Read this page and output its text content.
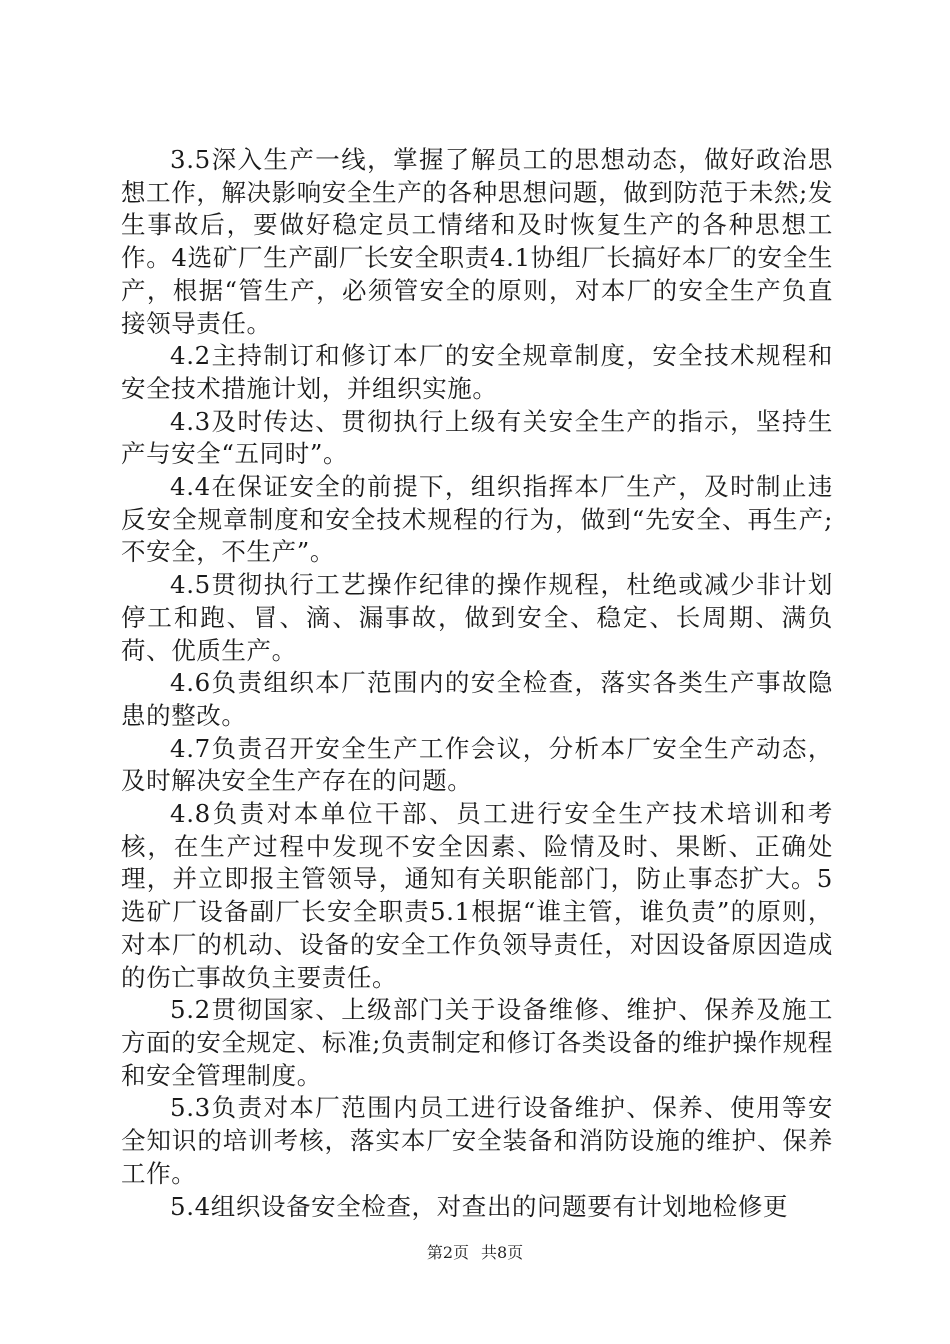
3.5深入生产一线，掌握了解员工的思想动态，做好政治思想工作，解决影响安全生产的各种思想问题，做到防范于未然;发生事故后，要做好稳定员工情绪和及时恢复生产的各种思想工作。4选矿厂生产副厂长安全职责4.1协组厂长搞好本厂的安全生产，根据“管生产，必须管安全的原则，对本厂的安全生产负直接领导责任。

4.2主持制订和修订本厂的安全规章制度，安全技术规程和安全技术措施计划，并组织实施。

4.3及时传达、贯彻执行上级有关安全生产的指示，坚持生产与安全“五同时”。

4.4在保证安全的前提下，组织指挥本厂生产，及时制止违反安全规章制度和安全技术规程的行为，做到“先安全、再生产;不安全，不生产”。

4.5贯彻执行工艺操作纪律的操作规程，杜绝或减少非计划停工和跑、冒、滴、漏事故，做到安全、稳定、长周期、满负荷、优质生产。

4.6负责组织本厂范围内的安全检查，落实各类生产事故隐患的整改。

4.7负责召开安全生产工作会议，分析本厂安全生产动态，及时解决安全生产存在的问题。

4.8负责对本单位干部、员工进行安全生产技术培训和考核，在生产过程中发现不安全因素、险情及时、果断、正确处理，并立即报主管领导，通知有关职能部门，防止事态扩大。5选矿厂设备副厂长安全职责5.1根据“谁主管，谁负责”的原则，对本厂的机动、设备的安全工作负领导责任，对因设备原因造成的伤亡事故负主要责任。

5.2贯彻国家、上级部门关于设备维修、维护、保养及施工方面的安全规定、标准;负责制定和修订各类设备的维护操作规程和安全管理制度。

5.3负责对本厂范围内员工进行设备维护、保养、使用等安全知识的培训考核，落实本厂安全装备和消防设施的维护、保养工作。

5.4组织设备安全检查，对查出的问题要有计划地检修更

第2页 共8页
